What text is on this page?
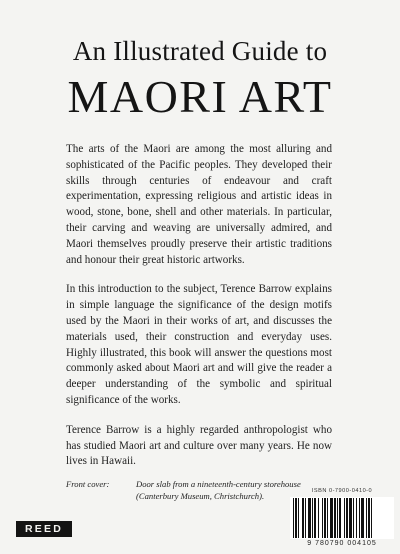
An Illustrated Guide to
MAORI ART

The arts of the Maori are among the most alluring and sophisticated of the Pacific peoples. They developed their skills through centuries of endeavour and craft experimentation, expressing religious and artistic ideas in wood, stone, bone, shell and other materials. In particular, their carving and weaving are universally admired, and Maori themselves proudly preserve their artistic traditions and honour their great historic artworks.

In this introduction to the subject, Terence Barrow explains in simple language the significance of the design motifs used by the Maori in their works of art, and discusses the materials used, their construction and everyday uses. Highly illustrated, this book will answer the questions most commonly asked about Maori art and will give the reader a deeper understanding of the symbolic and spiritual significance of the works.

Terence Barrow is a highly regarded anthropologist who has studied Maori art and culture over many years. He now lives in Hawaii.

Front cover:	Door slab from a nineteenth-century storehouse
(Canterbury Museum, Christchurch).
REED
ISBN 0-7900-0410-0
9 780790 004105
